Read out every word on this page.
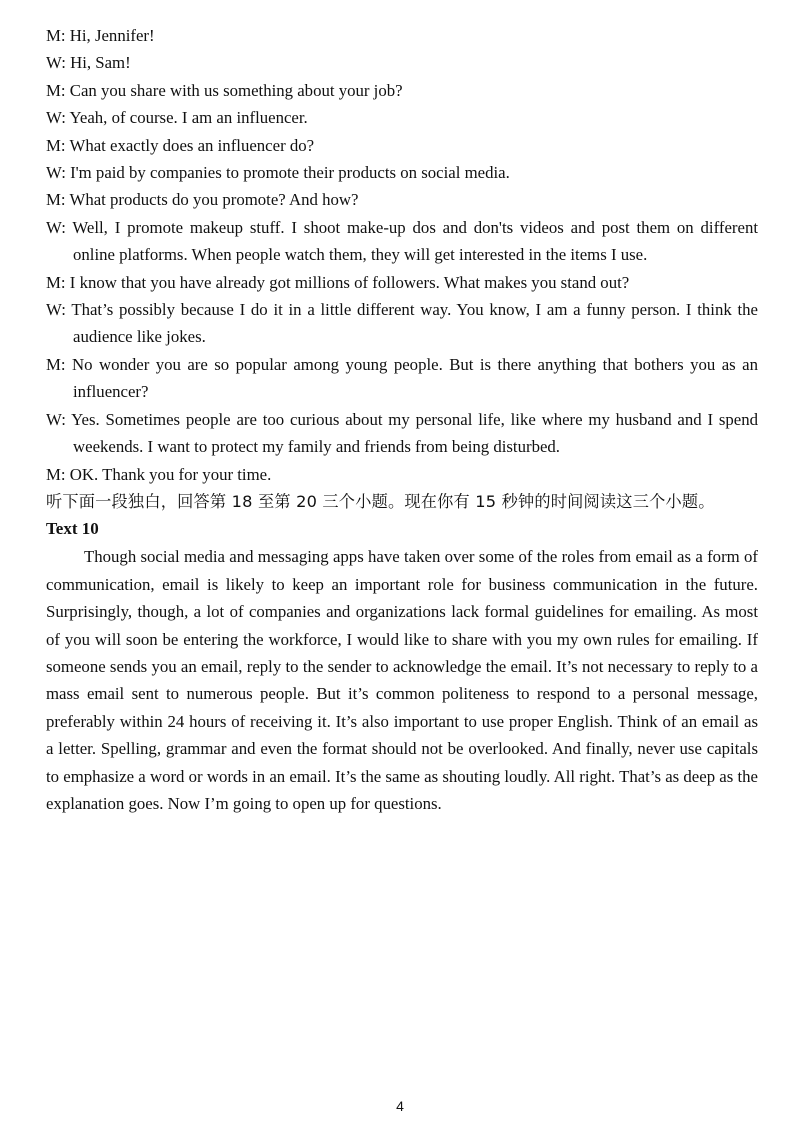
M: Hi, Jennifer!
W: Hi, Sam!
M: Can you share with us something about your job?
W: Yeah, of course. I am an influencer.
M: What exactly does an influencer do?
W: I'm paid by companies to promote their products on social media.
M: What products do you promote? And how?
W: Well, I promote makeup stuff. I shoot make-up dos and don'ts videos and post them on different online platforms. When people watch them, they will get interested in the items I use.
M: I know that you have already got millions of followers. What makes you stand out?
W: That’s possibly because I do it in a little different way. You know, I am a funny person. I think the audience like jokes.
M: No wonder you are so popular among young people. But is there anything that bothers you as an influencer?
W: Yes. Sometimes people are too curious about my personal life, like where my husband and I spend weekends. I want to protect my family and friends from being disturbed.
M: OK. Thank you for your time.
听下面一段独白，回答第 18 至第 20 三个小题。现在你有 15 秒钟的时间阅读这三个小题。
Text 10

Though social media and messaging apps have taken over some of the roles from email as a form of communication, email is likely to keep an important role for business communication in the future. Surprisingly, though, a lot of companies and organizations lack formal guidelines for emailing. As most of you will soon be entering the workforce, I would like to share with you my own rules for emailing. If someone sends you an email, reply to the sender to acknowledge the email. It’s not necessary to reply to a mass email sent to numerous people. But it’s common politeness to respond to a personal message, preferably within 24 hours of receiving it. It’s also important to use proper English. Think of an email as a letter. Spelling, grammar and even the format should not be overlooked. And finally, never use capitals to emphasize a word or words in an email. It’s the same as shouting loudly. All right. That’s as deep as the explanation goes. Now I’m going to open up for questions.

4
